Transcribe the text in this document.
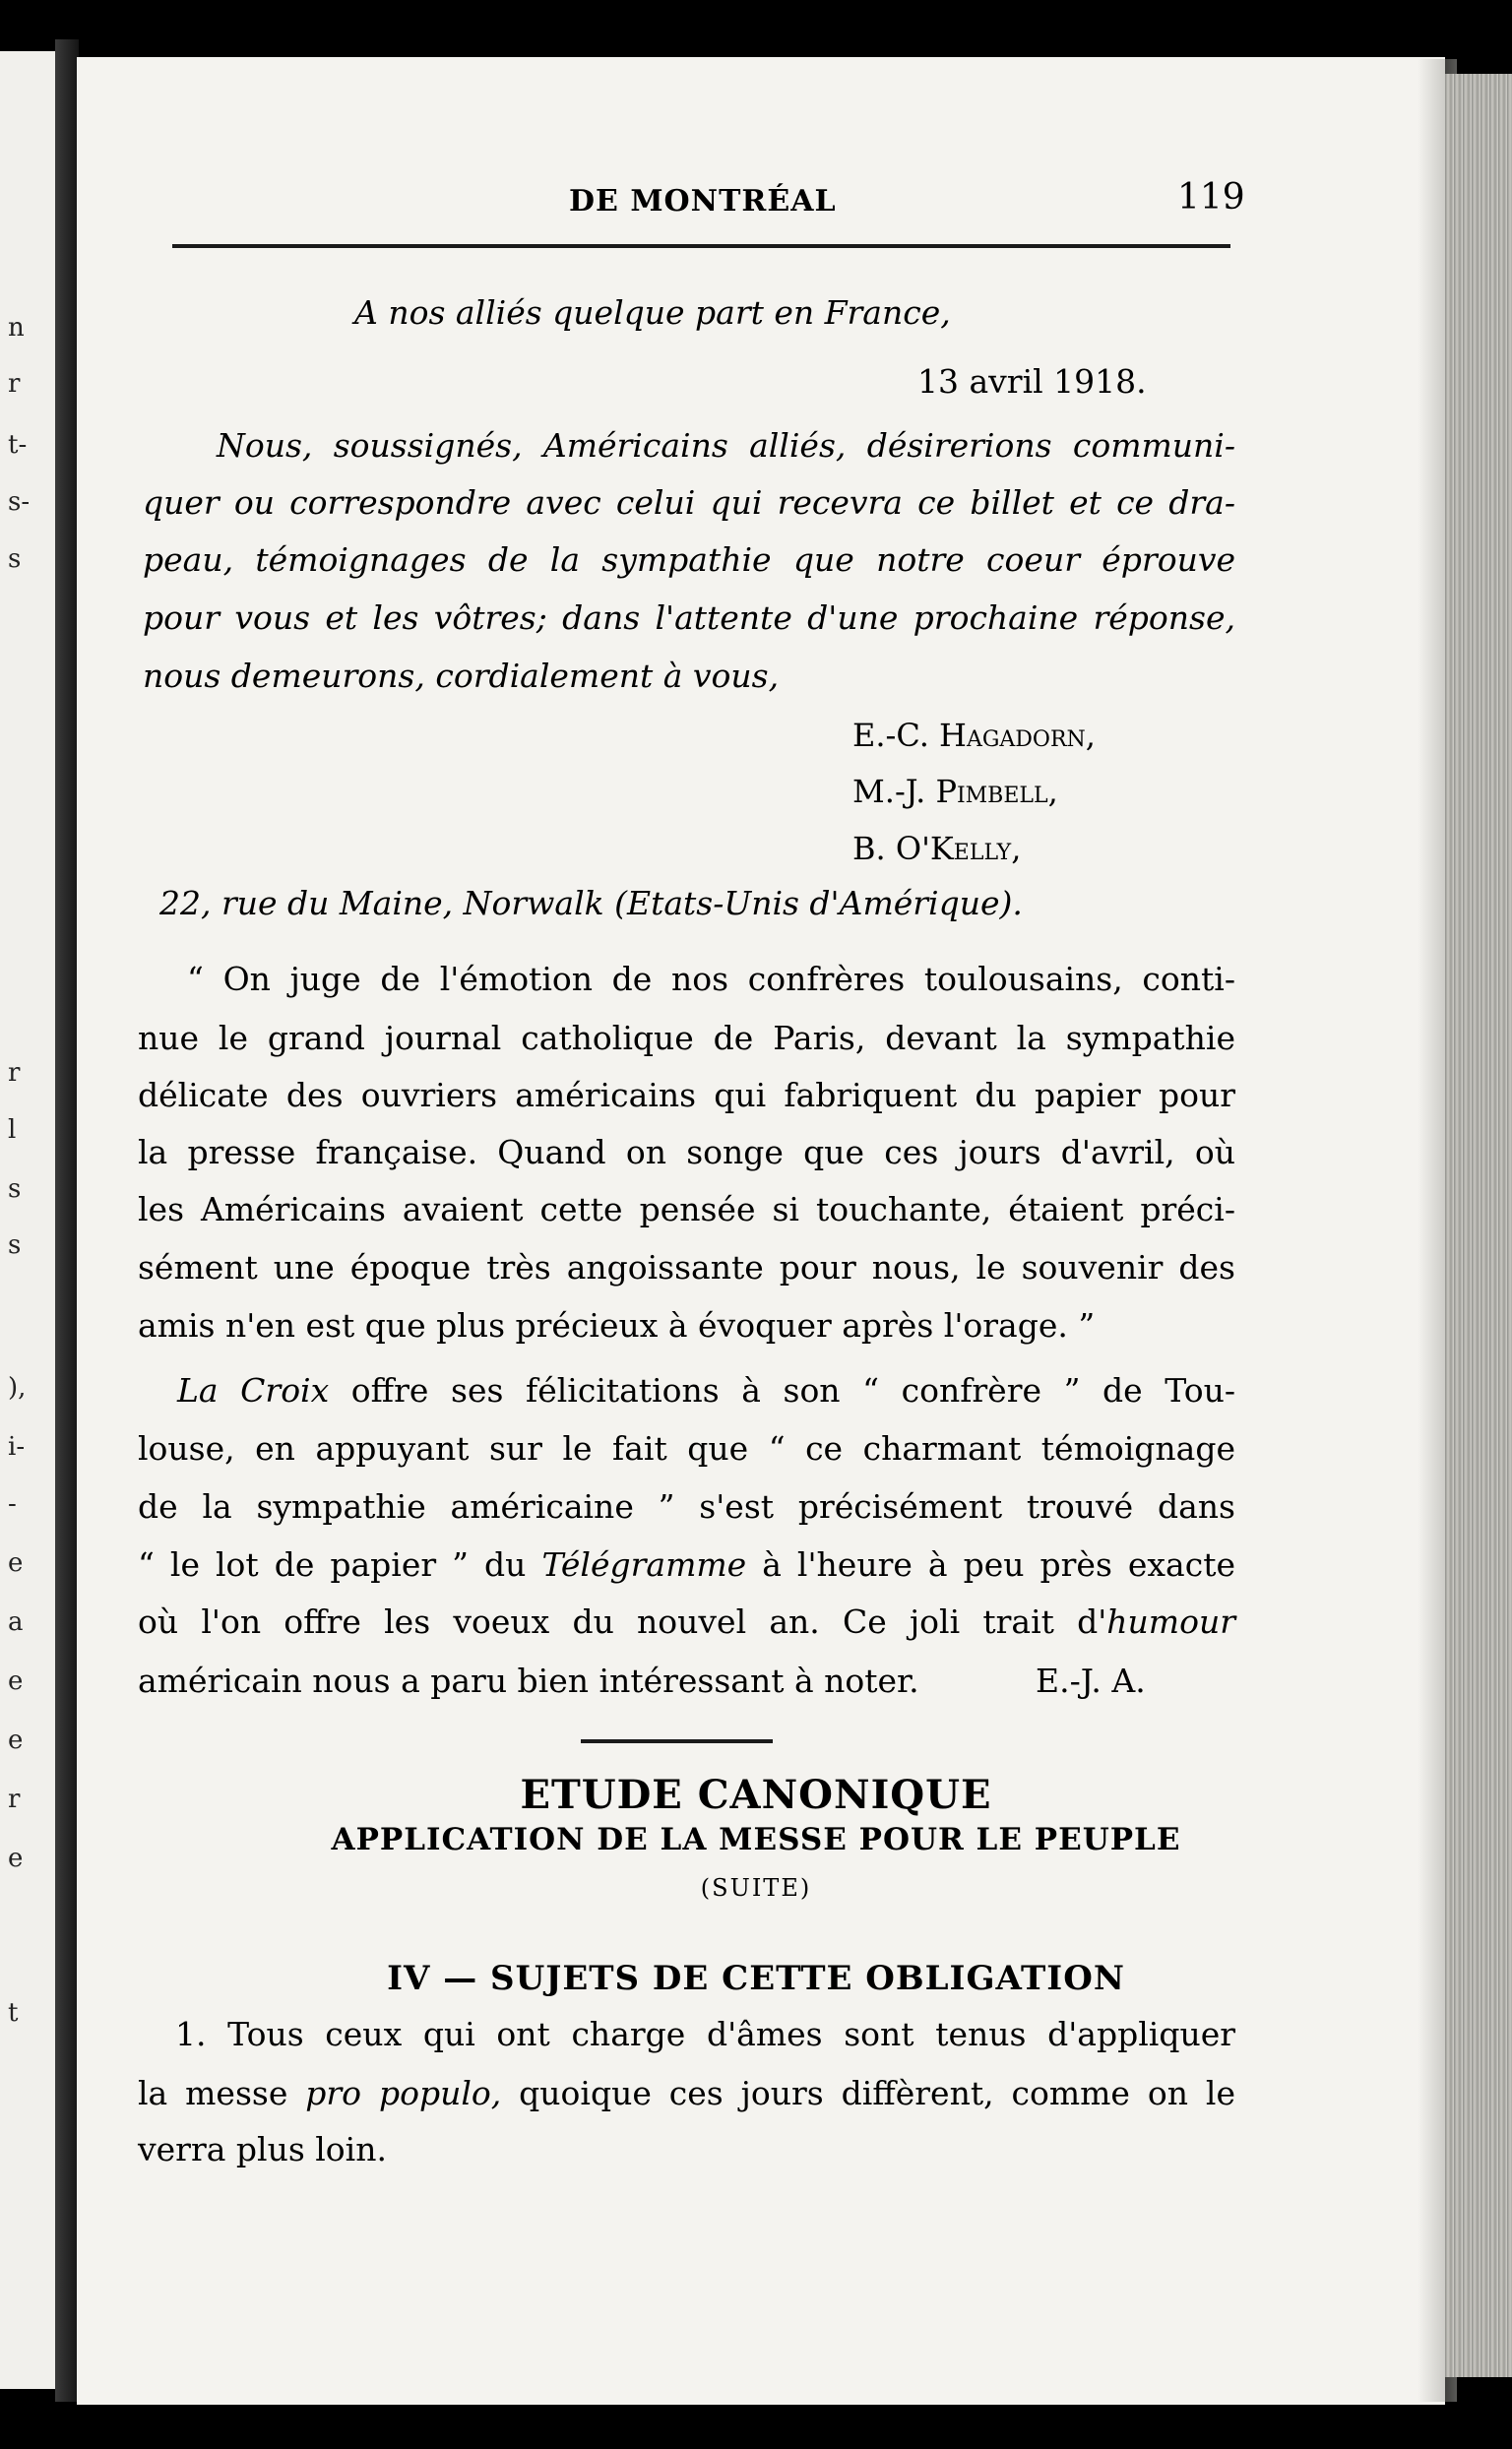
n
r
t-
s-
s
r
l
s
s
),
i-
-
e
a
e
e
r
e
t
DE MONTRÉAL	119
A nos alliés quelque part en France,
13 avril 1918.
Nous, soussignés, Américains alliés, désirerions communi-
quer ou correspondre avec celui qui recevra ce billet et ce dra-
peau, témoignages de la sympathie que notre coeur éprouve
pour vous et les vôtres; dans l'attente d'une prochaine réponse,
nous demeurons, cordialement à vous,
E.-C. Hagadorn,
M.-J. Pimbell,
B. O'Kelly,
22, rue du Maine, Norwalk (Etats-Unis d'Amérique).
“ On juge de l'émotion de nos confrères toulousains, conti-
nue le grand journal catholique de Paris, devant la sympathie
délicate des ouvriers américains qui fabriquent du papier pour
la presse française. Quand on songe que ces jours d'avril, où
les Américains avaient cette pensée si touchante, étaient préci-
sément une époque très angoissante pour nous, le souvenir des
amis n'en est que plus précieux à évoquer après l'orage. ”
La Croix offre ses félicitations à son “ confrère ” de Tou-
louse, en appuyant sur le fait que “ ce charmant témoignage
de la sympathie américaine ” s'est précisément trouvé dans
“ le lot de papier ” du Télégramme à l'heure à peu près exacte
où l'on offre les voeux du nouvel an. Ce joli trait d'humour
américain nous a paru bien intéressant à noter.	E.-J. A.
ETUDE CANONIQUE
APPLICATION DE LA MESSE POUR LE PEUPLE
(SUITE)
IV — SUJETS DE CETTE OBLIGATION
1. Tous ceux qui ont charge d'âmes sont tenus d'appliquer
la messe pro populo, quoique ces jours diffèrent, comme on le
verra plus loin.
